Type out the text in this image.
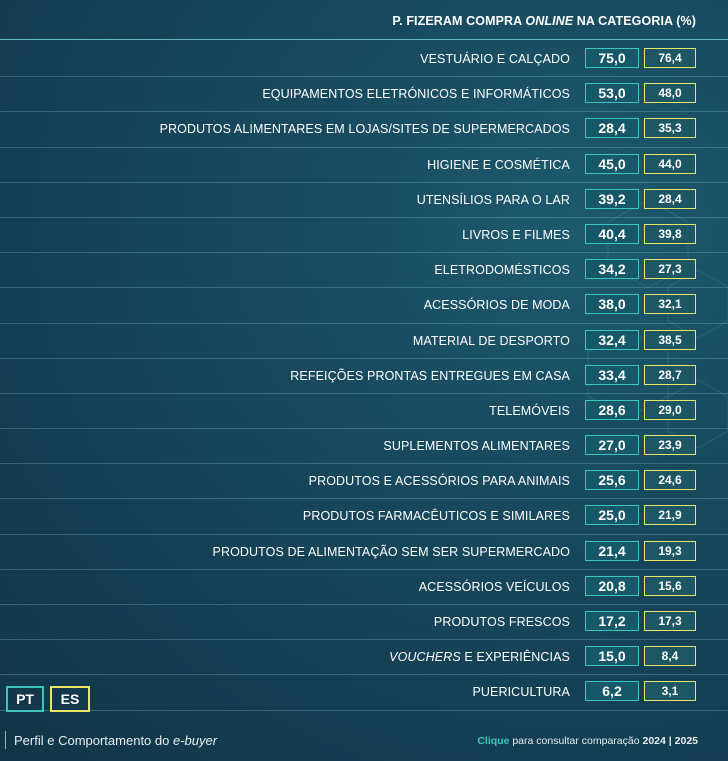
P. FIZERAM COMPRA ONLINE NA CATEGORIA (%)
VESTUÁRIO E CALÇADO	75,0	76,4
EQUIPAMENTOS ELETRÓNICOS E INFORMÁTICOS	53,0	48,0
PRODUTOS ALIMENTARES EM LOJAS/SITES DE SUPERMERCADOS	28,4	35,3
HIGIENE E COSMÉTICA	45,0	44,0
UTENSÍLIOS PARA O LAR	39,2	28,4
LIVROS E FILMES	40,4	39,8
ELETRODOMÉSTICOS	34,2	27,3
ACESSÓRIOS DE MODA	38,0	32,1
MATERIAL DE DESPORTO	32,4	38,5
REFEIÇÕES PRONTAS ENTREGUES EM CASA	33,4	28,7
TELEMÓVEIS	28,6	29,0
SUPLEMENTOS ALIMENTARES	27,0	23,9
PRODUTOS E ACESSÓRIOS PARA ANIMAIS	25,6	24,6
PRODUTOS FARMACÊUTICOS E SIMILARES	25,0	21,9
PRODUTOS DE ALIMENTAÇÃO SEM SER SUPERMERCADO	21,4	19,3
ACESSÓRIOS VEÍCULOS	20,8	15,6
PRODUTOS FRESCOS	17,2	17,3
VOUCHERS E EXPERIÊNCIAS	15,0	8,4
PUERICULTURA	6,2	3,1
PT	ES
Perfil e Comportamento do e-buyer	Clique para consultar comparação 2024 | 2025
